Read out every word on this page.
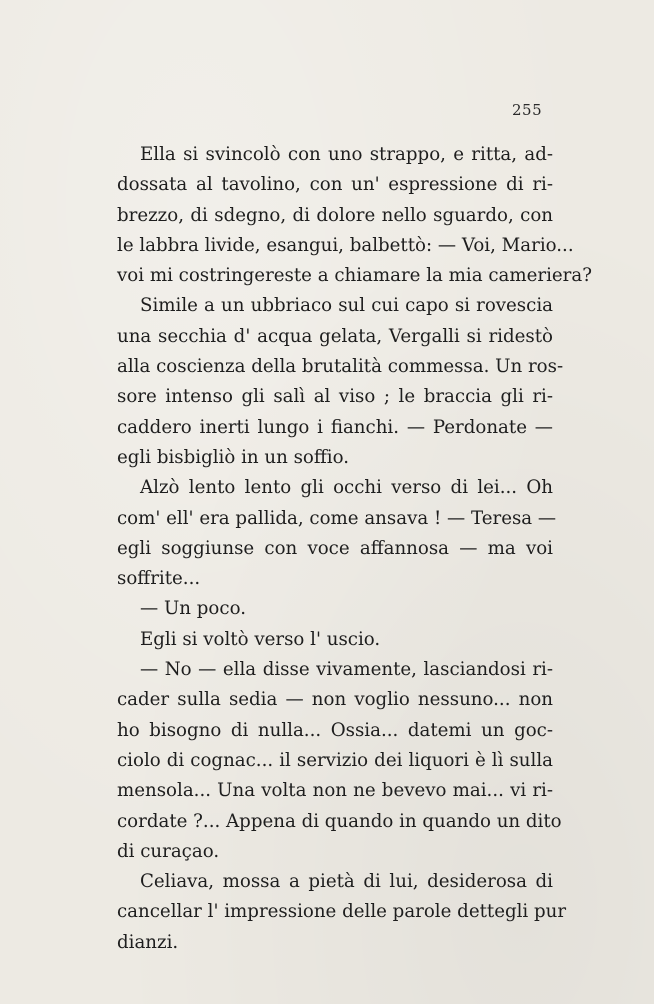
255
Ella si svincolò con uno strappo, e ritta, ad-
dossata al tavolino, con un' espressione di ri-
brezzo, di sdegno, di dolore nello sguardo, con
le labbra livide, esangui, balbettò: — Voi, Mario...
voi mi costringereste a chiamare la mia cameriera?
Simile a un ubbriaco sul cui capo si rovescia
una secchia d' acqua gelata, Vergalli si ridestò
alla coscienza della brutalità commessa. Un ros-
sore intenso gli salì al viso ; le braccia gli ri-
caddero inerti lungo i fianchi. — Perdonate —
egli bisbigliò in un soffio.
Alzò lento lento gli occhi verso di lei... Oh
com' ell' era pallida, come ansava ! — Teresa —
egli soggiunse con voce affannosa — ma voi
soffrite...
— Un poco.
Egli si voltò verso l' uscio.
— No — ella disse vivamente, lasciandosi ri-
cader sulla sedia — non voglio nessuno... non
ho bisogno di nulla... Ossia... datemi un goc-
ciolo di cognac... il servizio dei liquori è lì sulla
mensola... Una volta non ne bevevo mai... vi ri-
cordate ?... Appena di quando in quando un dito
di curaçao.
Celiava, mossa a pietà di lui, desiderosa di
cancellar l' impressione delle parole dettegli pur
dianzi.
